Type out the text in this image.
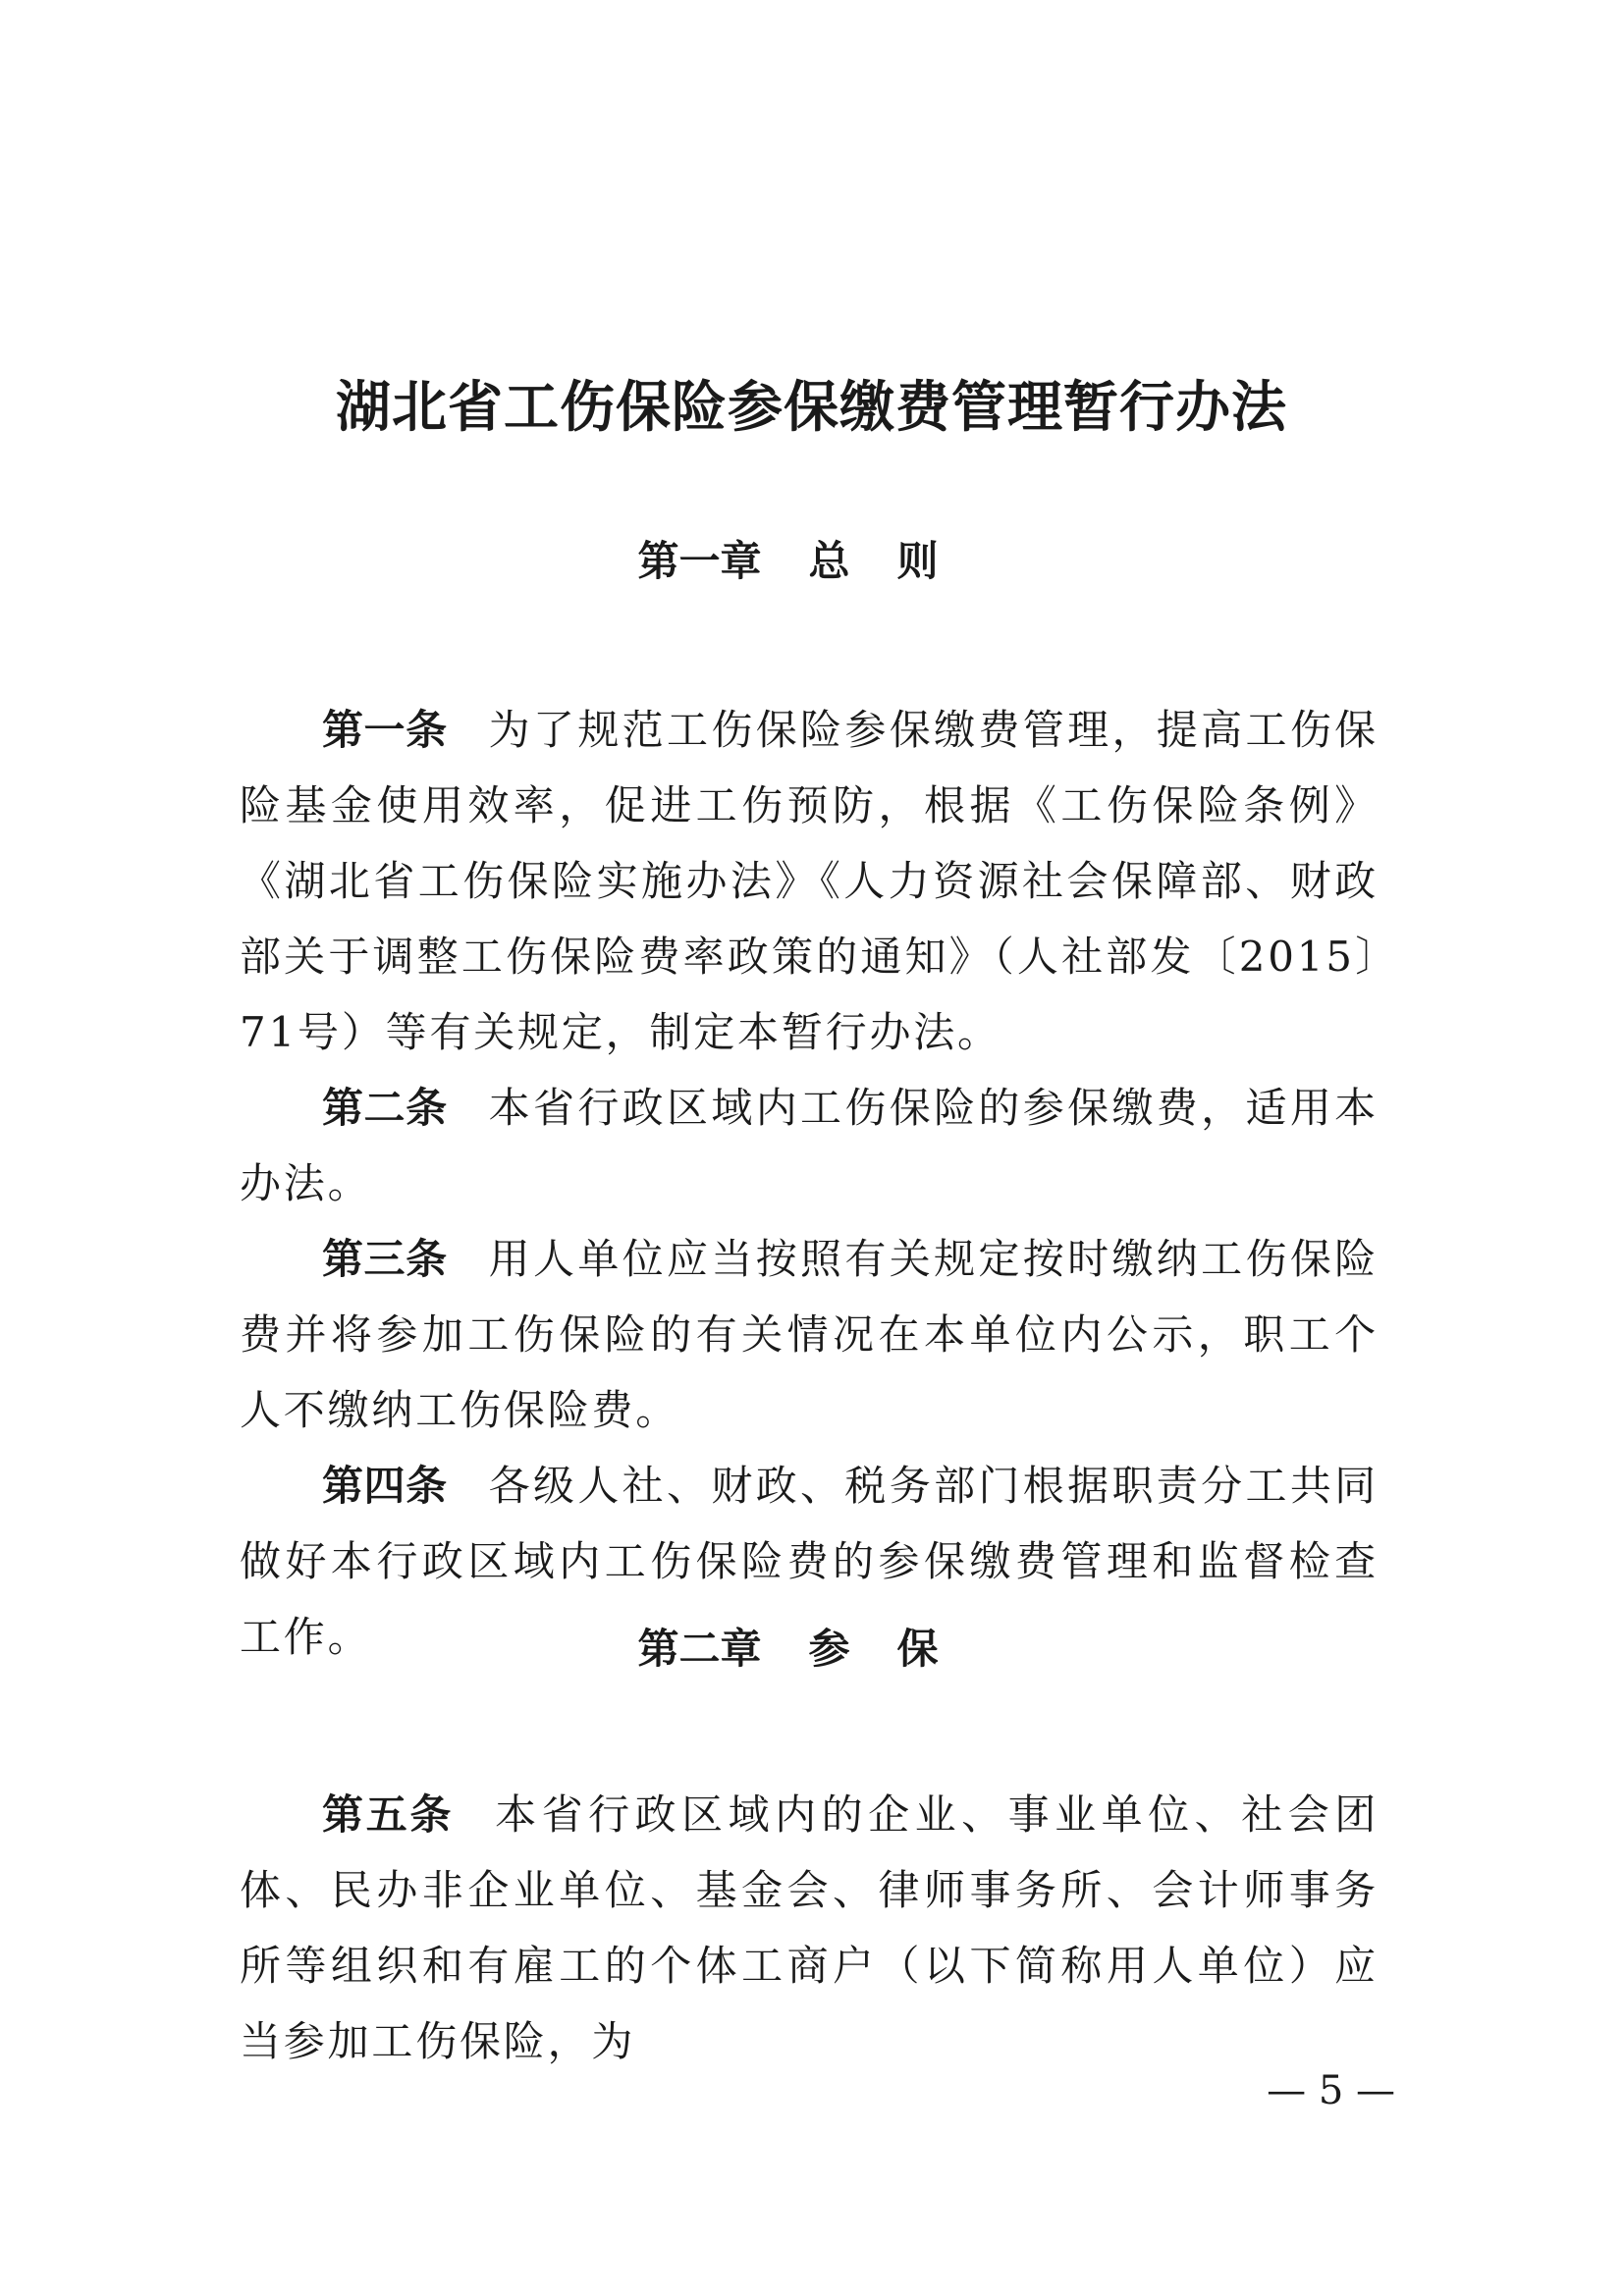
湖北省工伤保险参保缴费管理暂行办法
第一章 总则

第一条 为了规范工伤保险参保缴费管理，提高工伤保险基金使用效率，促进工伤预防，根据《工伤保险条例》《湖北省工伤保险实施办法》《人力资源社会保障部、财政部关于调整工伤保险费率政策的通知》（人社部发〔2015〕71号）等有关规定，制定本暂行办法。

第二条 本省行政区域内工伤保险的参保缴费，适用本办法。

第三条 用人单位应当按照有关规定按时缴纳工伤保险费并将参加工伤保险的有关情况在本单位内公示，职工个人不缴纳工伤保险费。

第四条 各级人社、财政、税务部门根据职责分工共同做好本行政区域内工伤保险费的参保缴费管理和监督检查工作。	第二章 参保

第五条 本省行政区域内的企业、事业单位、社会团体、民办非企业单位、基金会、律师事务所、会计师事务所等组织和有雇工的个体工商户（以下简称用人单位）应当参加工伤保险，为

— 5 —
